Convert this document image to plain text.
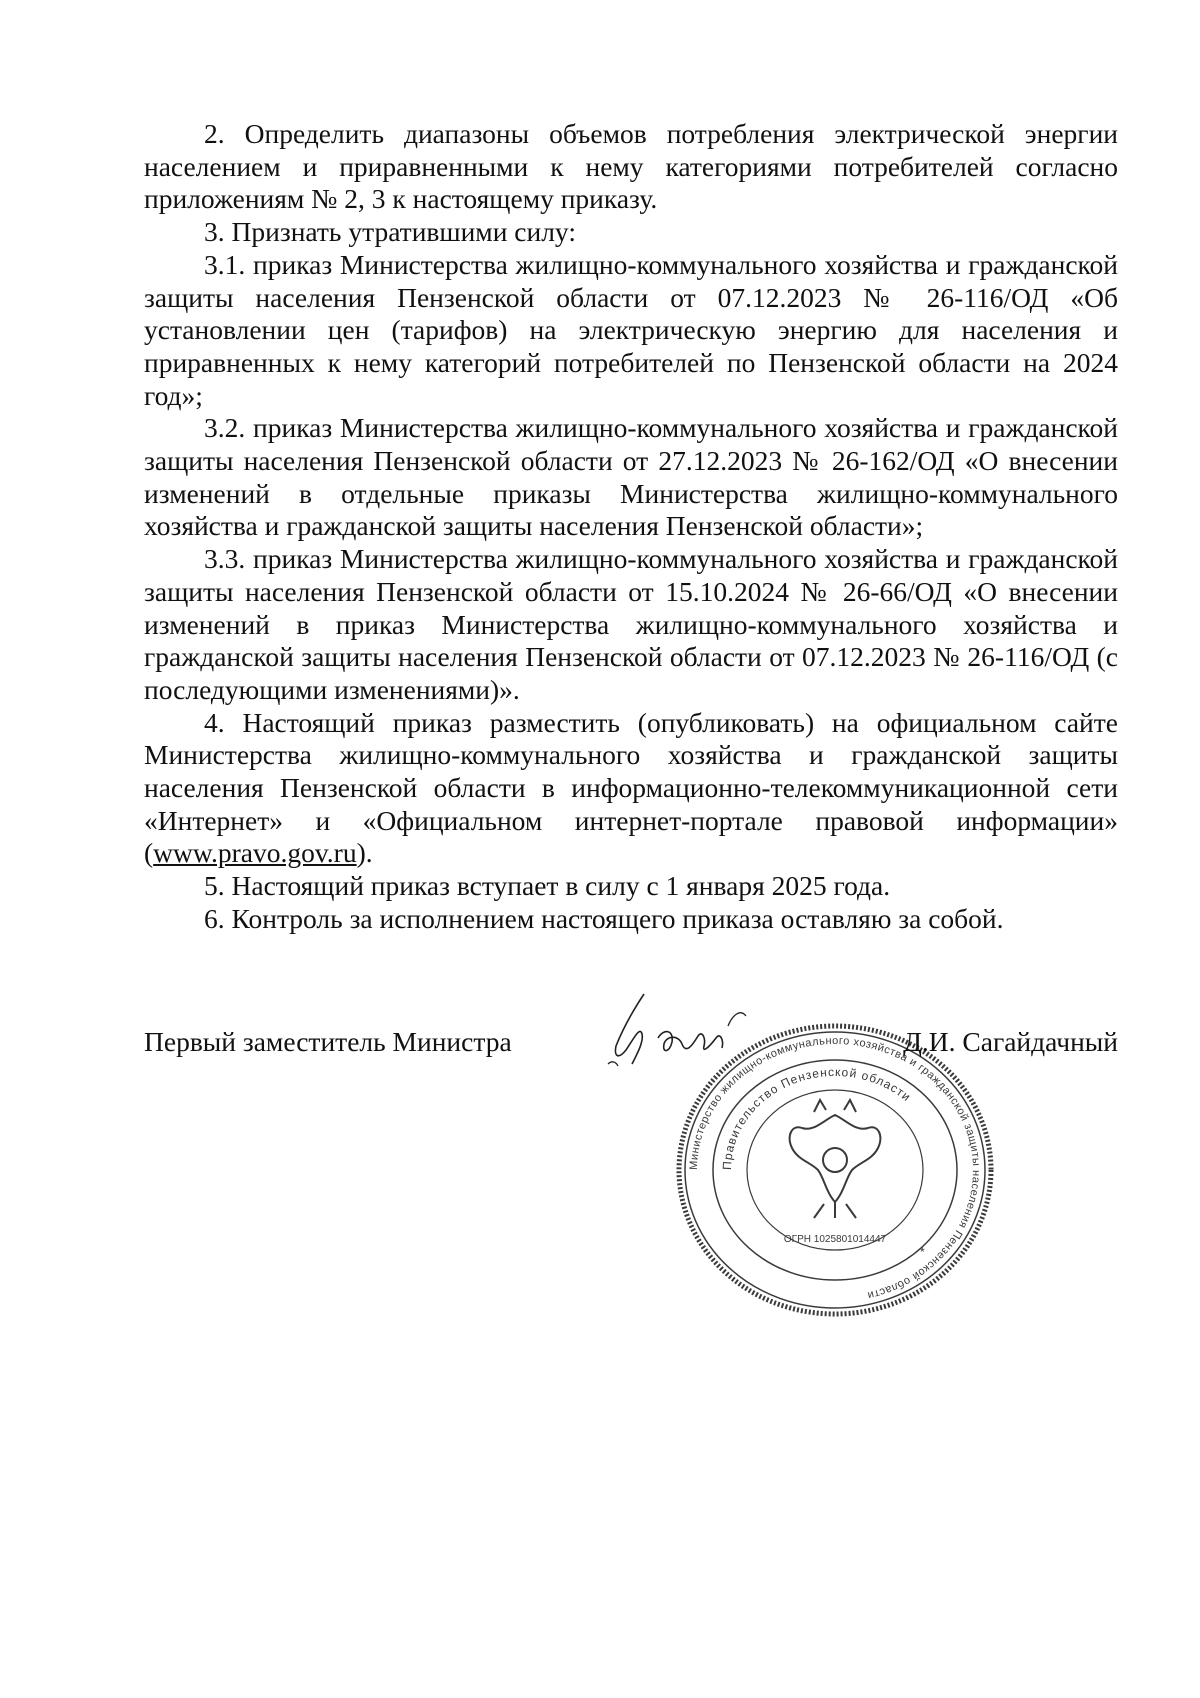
2. Определить диапазоны объемов потребления электрической энергии населением и приравненными к нему категориями потребителей согласно приложениям № 2, 3 к настоящему приказу.

3. Признать утратившими силу:

3.1. приказ Министерства жилищно-коммунального хозяйства и гражданской защиты населения Пензенской области от 07.12.2023 № 26-116/ОД «Об установлении цен (тарифов) на электрическую энергию для населения и приравненных к нему категорий потребителей по Пензенской области на 2024 год»;

3.2. приказ Министерства жилищно-коммунального хозяйства и гражданской защиты населения Пензенской области от 27.12.2023 № 26-162/ОД «О внесении изменений в отдельные приказы Министерства жилищно-коммунального хозяйства и гражданской защиты населения Пензенской области»;

3.3. приказ Министерства жилищно-коммунального хозяйства и гражданской защиты населения Пензенской области от 15.10.2024 № 26-66/ОД «О внесении изменений в приказ Министерства жилищно-коммунального хозяйства и гражданской защиты населения Пензенской области от 07.12.2023 № 26-116/ОД (с последующими изменениями)».

4. Настоящий приказ разместить (опубликовать) на официальном сайте Министерства жилищно-коммунального хозяйства и гражданской защиты населения Пензенской области в информационно-телекоммуникационной сети «Интернет» и «Официальном интернет-портале правовой информации» (www.pravo.gov.ru).

5. Настоящий приказ вступает в силу с 1 января 2025 года.

6. Контроль за исполнением настоящего приказа оставляю за собой.

Министерство жилищно-коммунального хозяйства и гражданской защиты населения Пензенской области
Правительство Пензенской области
ОГРН 1025801014447
*
Первый заместитель Министра	Д.И. Сагайдачный
